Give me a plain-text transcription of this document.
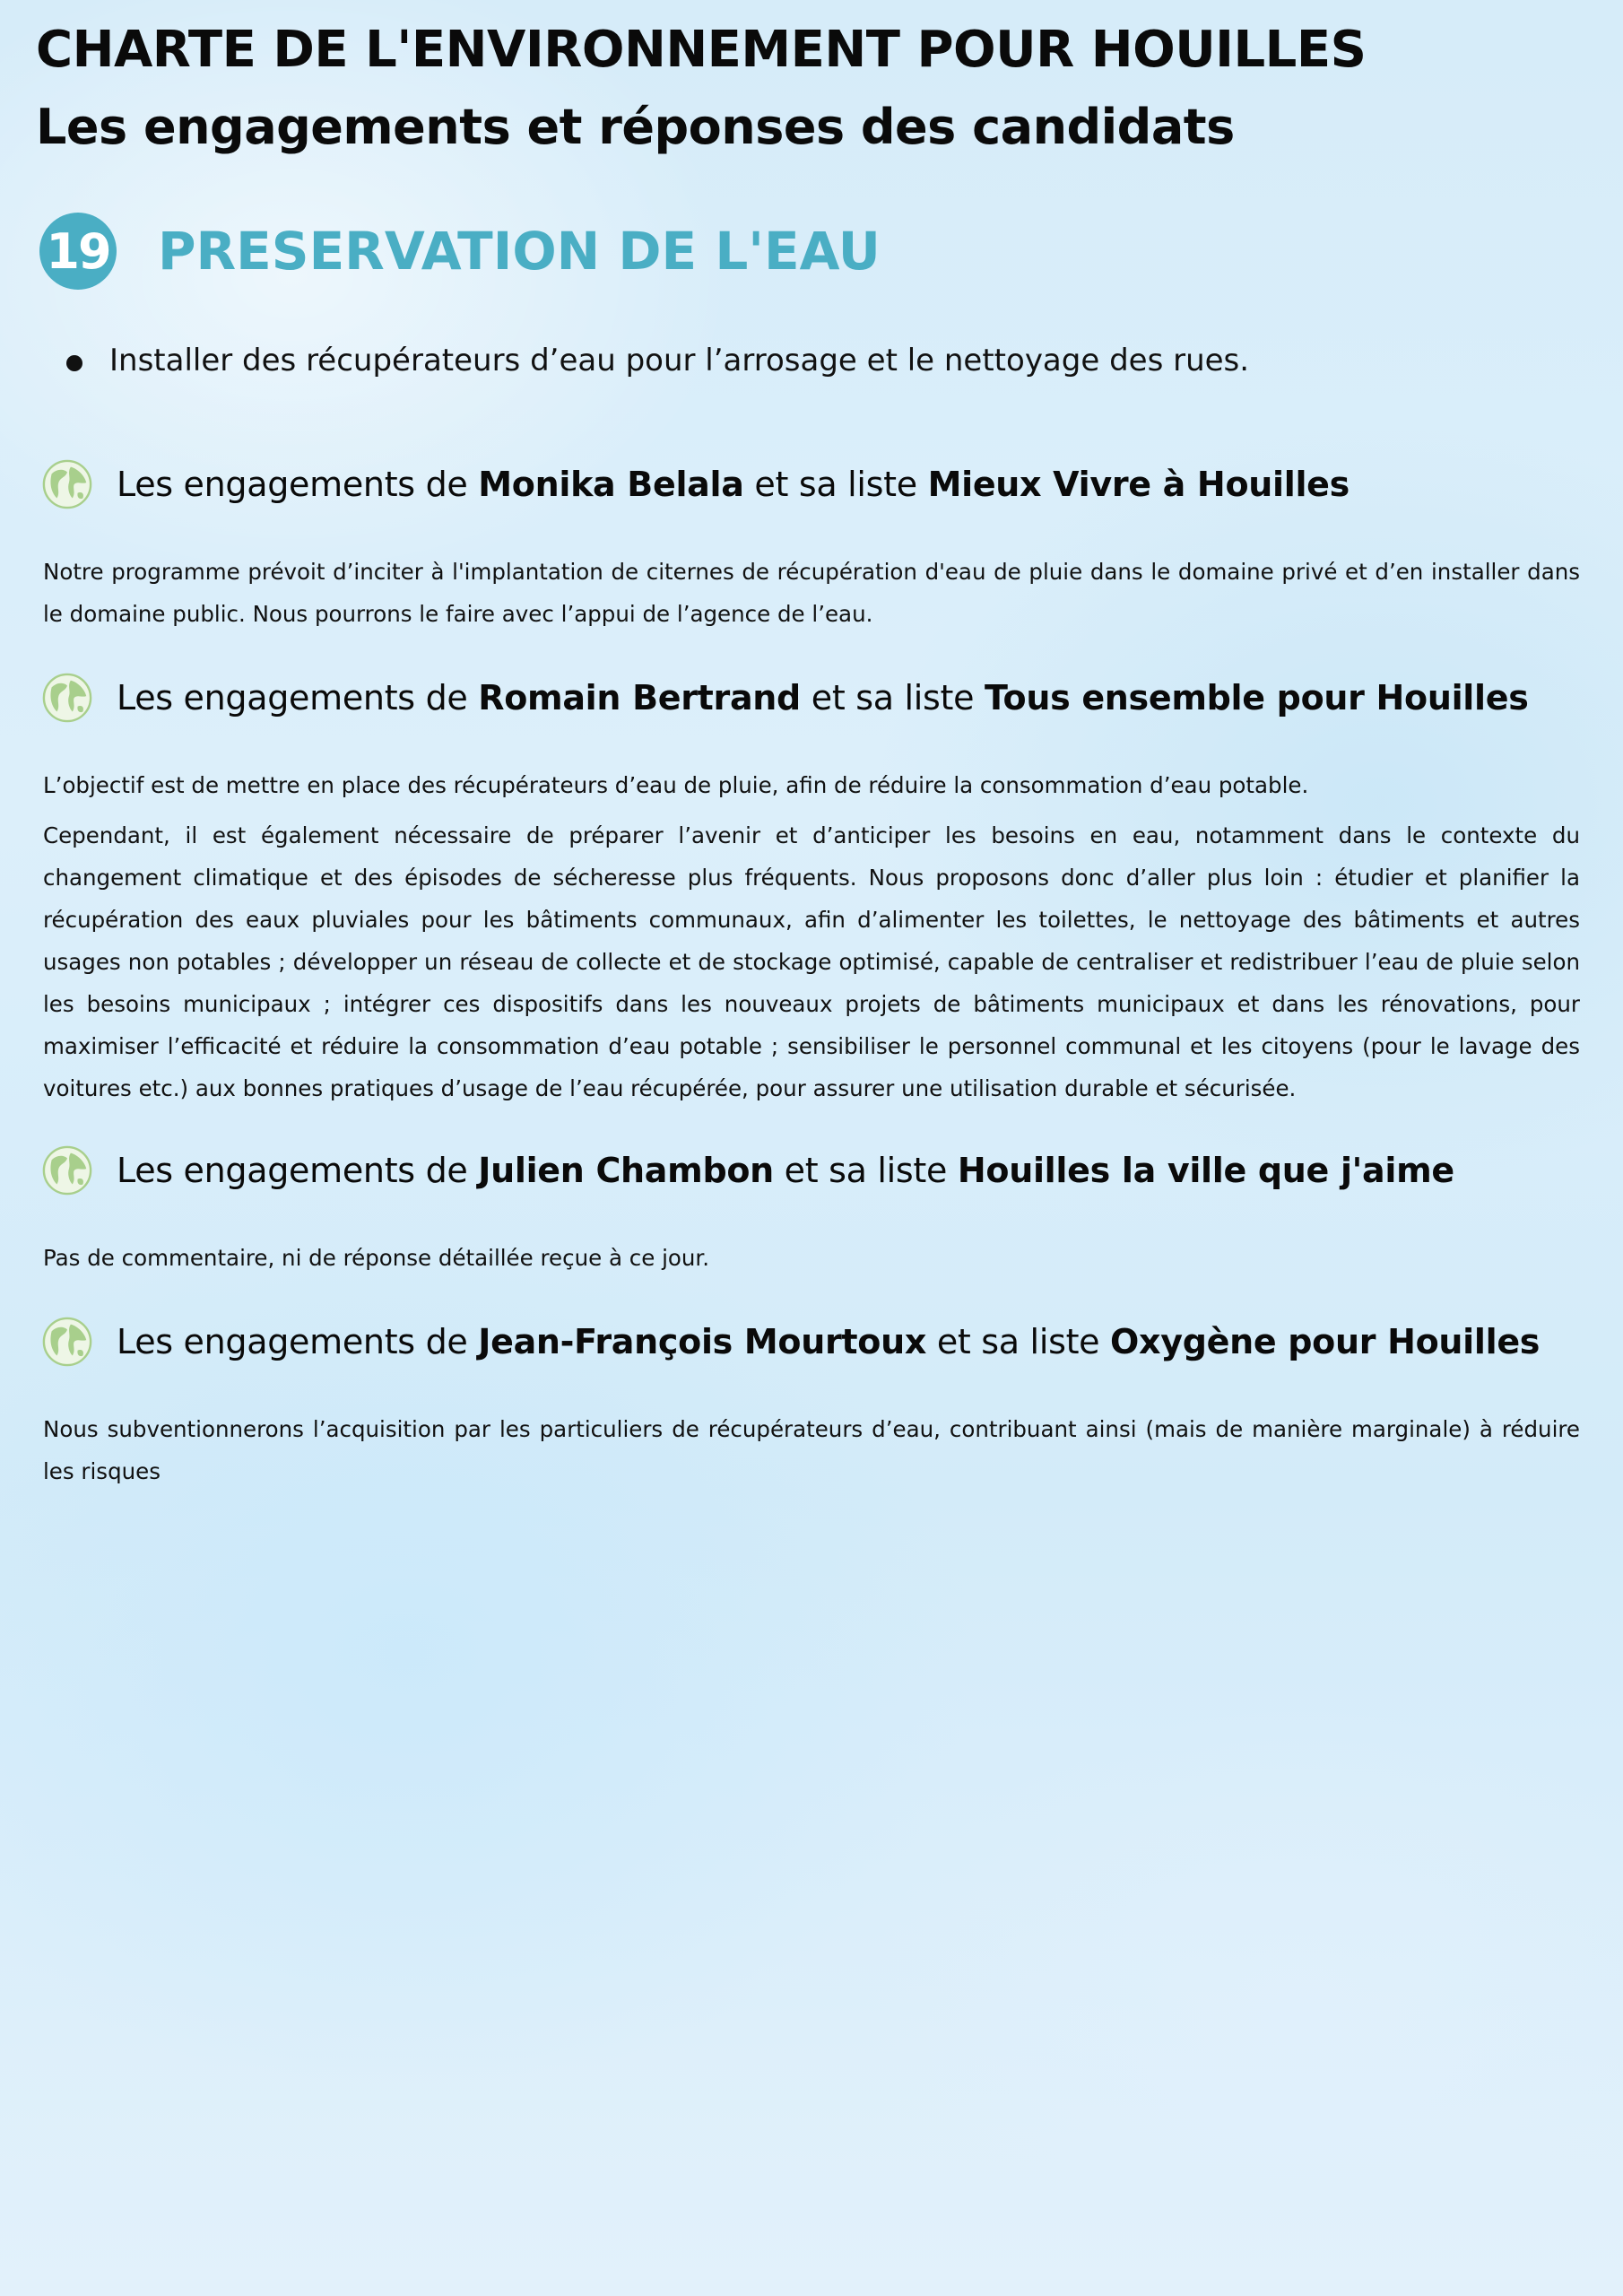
CHARTE DE L'ENVIRONNEMENT POUR HOUILLES
Les engagements et réponses des candidats
19 PRESERVATION DE L'EAU
Installer des récupérateurs d’eau pour l’arrosage et le nettoyage des rues.
Les engagements de Monika Belala et sa liste Mieux Vivre à Houilles

Notre programme prévoit d’inciter à l'implantation de citernes de récupération d'eau de pluie dans le domaine privé et d’en installer dans le domaine public. Nous pourrons le faire avec l’appui de l’agence de l’eau.

Les engagements de Romain Bertrand et sa liste Tous ensemble pour Houilles

L’objectif est de mettre en place des récupérateurs d’eau de pluie, afin de réduire la consommation d’eau potable.

Cependant, il est également nécessaire de préparer l’avenir et d’anticiper les besoins en eau, notamment dans le contexte du changement climatique et des épisodes de sécheresse plus fréquents. Nous proposons donc d’aller plus loin : étudier et planifier la récupération des eaux pluviales pour les bâtiments communaux, afin d’alimenter les toilettes, le nettoyage des bâtiments et autres usages non potables ; développer un réseau de collecte et de stockage optimisé, capable de centraliser et redistribuer l’eau de pluie selon les besoins municipaux ; intégrer ces dispositifs dans les nouveaux projets de bâtiments municipaux et dans les rénovations, pour maximiser l’efficacité et réduire la consommation d’eau potable ; sensibiliser le personnel communal et les citoyens (pour le lavage des voitures etc.) aux bonnes pratiques d’usage de l’eau récupérée, pour assurer une utilisation durable et sécurisée.

Les engagements de Julien Chambon et sa liste Houilles la ville que j'aime

Pas de commentaire, ni de réponse détaillée reçue à ce jour.

Les engagements de Jean-François Mourtoux et sa liste Oxygène pour Houilles

Nous subventionnerons l’acquisition par les particuliers de récupérateurs d’eau, contribuant ainsi (mais de manière marginale) à réduire les risques
